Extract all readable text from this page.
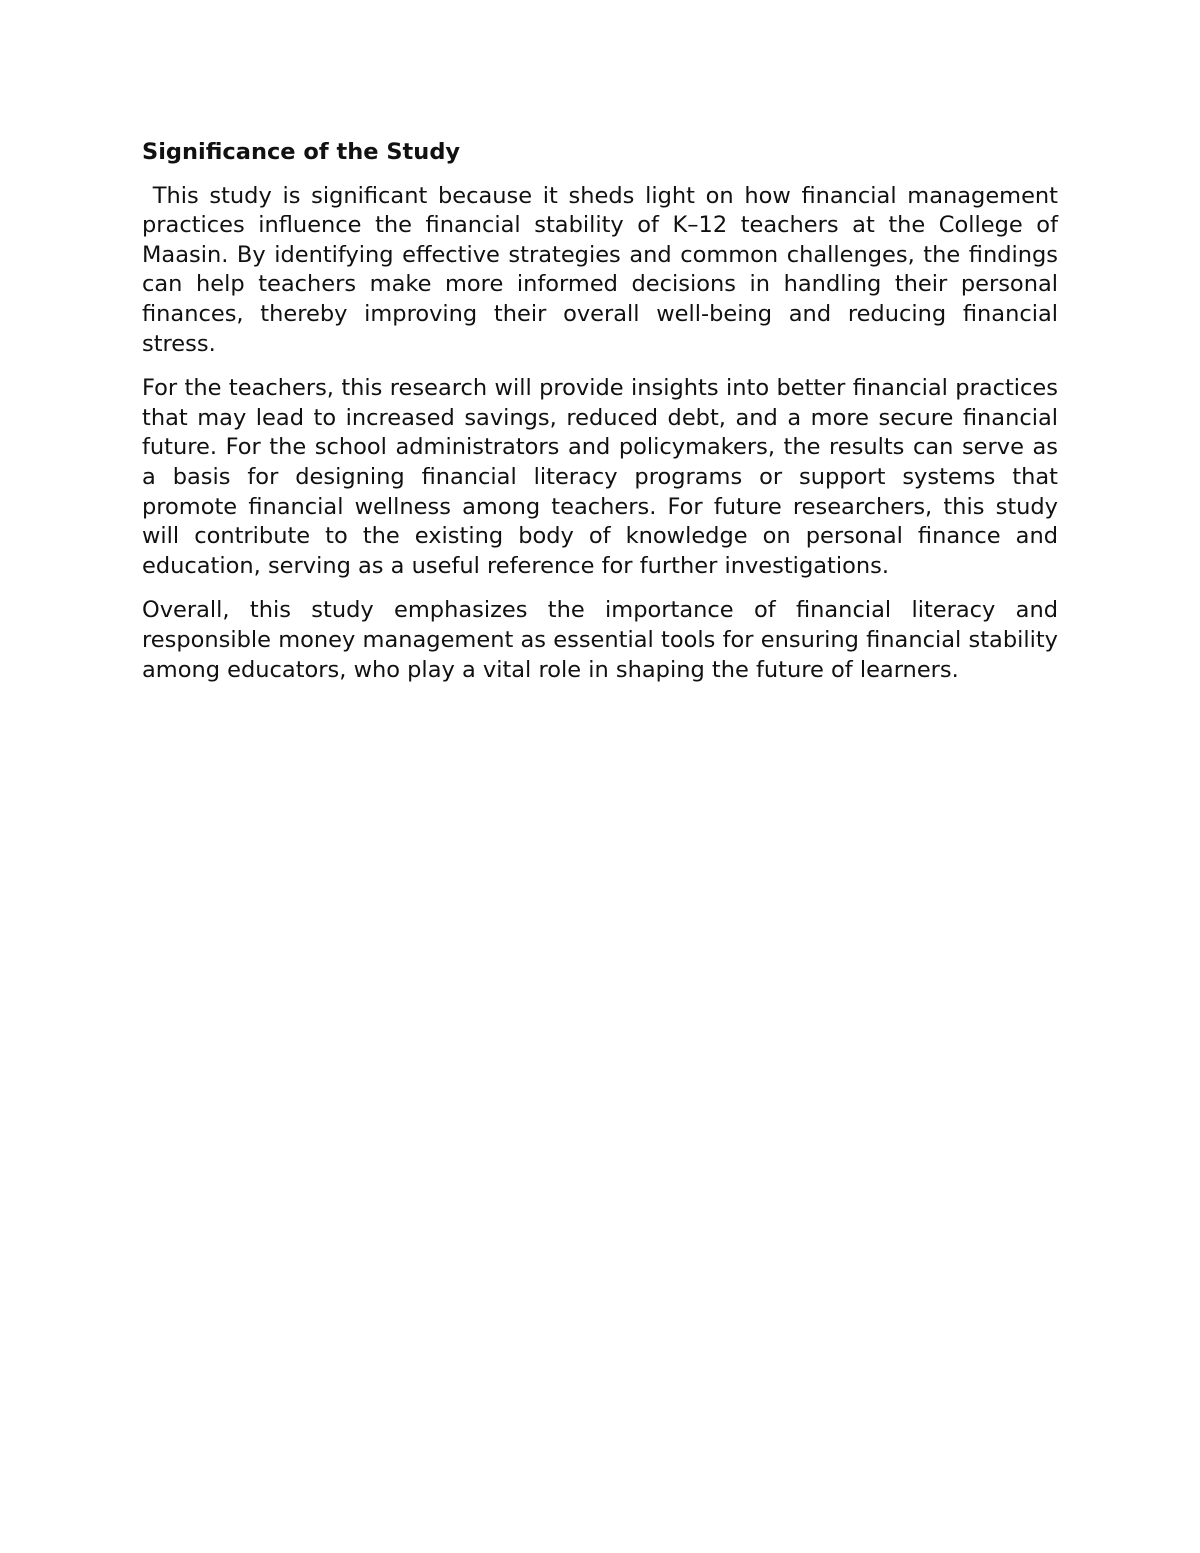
Significance of the Study

This study is significant because it sheds light on how financial management practices influence the financial stability of K–12 teachers at the College of Maasin. By identifying effective strategies and common challenges, the findings can help teachers make more informed decisions in handling their personal finances, thereby improving their overall well-being and reducing financial stress.

For the teachers, this research will provide insights into better financial practices that may lead to increased savings, reduced debt, and a more secure financial future. For the school administrators and policymakers, the results can serve as a basis for designing financial literacy programs or support systems that promote financial wellness among teachers. For future researchers, this study will contribute to the existing body of knowledge on personal finance and education, serving as a useful reference for further investigations.

Overall, this study emphasizes the importance of financial literacy and responsible money management as essential tools for ensuring financial stability among educators, who play a vital role in shaping the future of learners.
